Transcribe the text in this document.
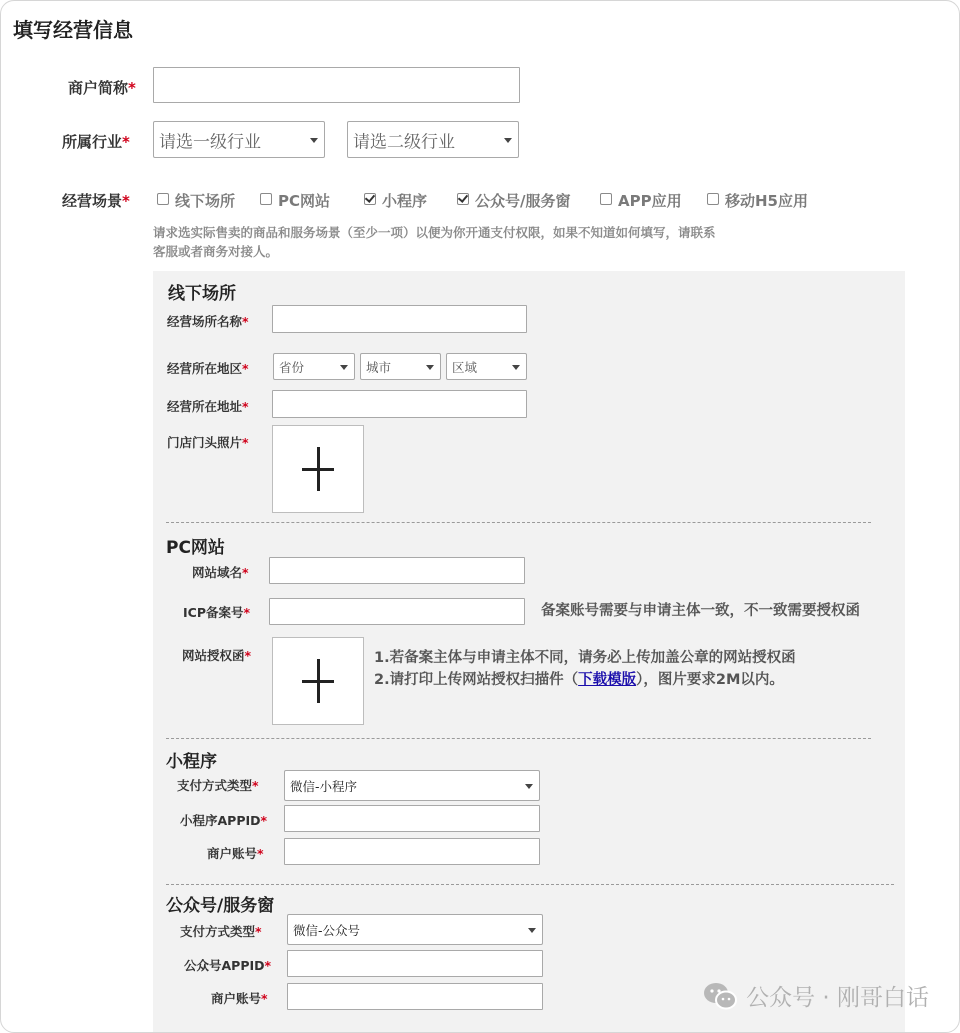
填写经营信息
商户简称*
所属行业* 请选一级行业	请选二级行业
经营场景*	线下场所	PC网站	小程序	公众号/服务窗	APP应用	移动H5应用
请求选实际售卖的商品和服务场景（至少一项）以便为你开通支付权限，如果不知道如何填写，请联系
客服或者商务对接人。
线下场所
经营场所名称*
经营所在地区* 省份	城市	区域
经营所在地址*
门店门头照片*
PC网站
网站域名*
ICP备案号*	备案账号需要与申请主体一致，不一致需要授权函
网站授权函*	1.若备案主体与申请主体不同，请务必上传加盖公章的网站授权函
2.请打印上传网站授权扫描件（下载模版），图片要求2M以内。
小程序
支付方式类型*	微信-小程序
小程序APPID*
商户账号*
公众号/服务窗
支付方式类型*	微信-公众号
公众号APPID*
商户账号*	公众号 · 刚哥白话
